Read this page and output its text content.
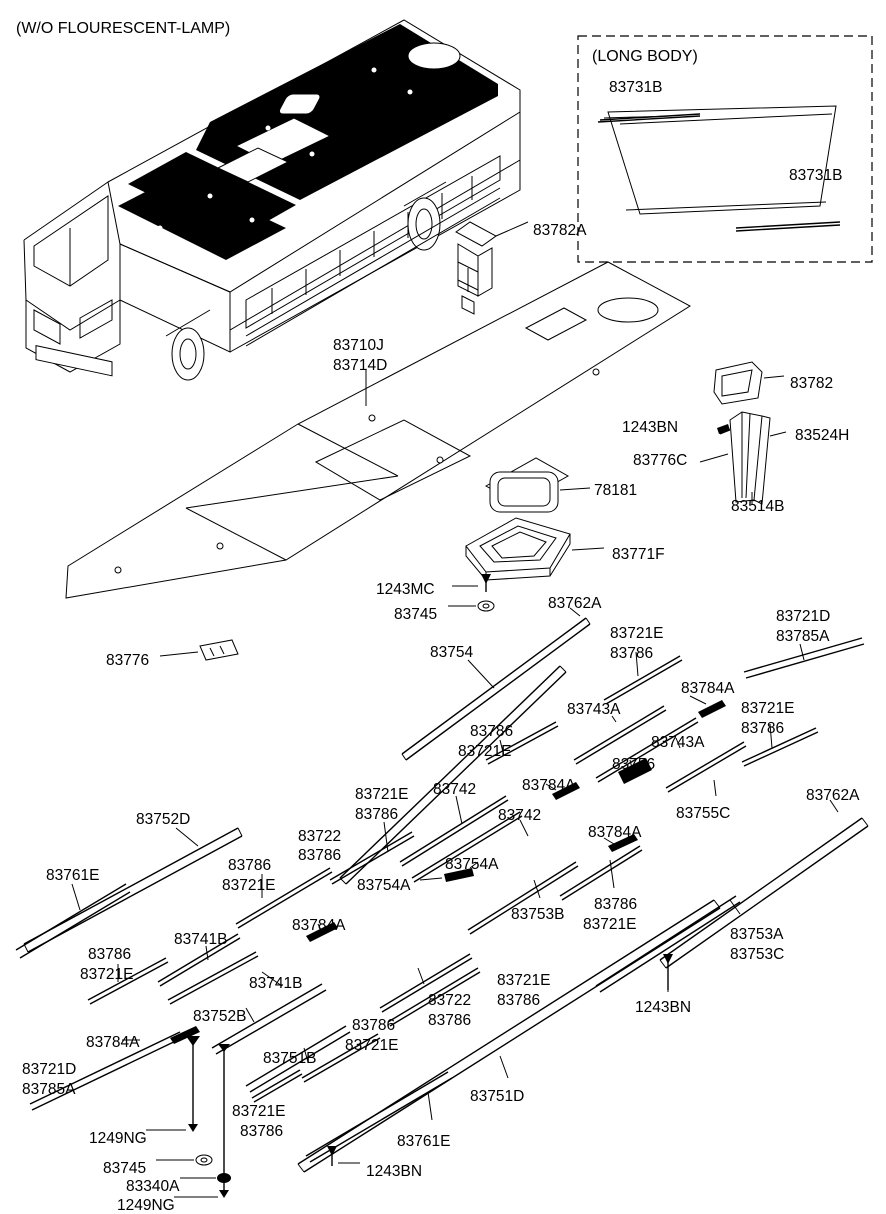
(W/O FLOURESCENT-LAMP)
(LONG BODY)
83782A
83731B
83731B
83710J
83714D
83782
1243BN	83524H
83776C
83514B
78181
83771F
1243MC
83745
83776
83762A
83721D
83785A
83721E
83786
83754
83784A
83743A	83721E
83786
83743A
83786
83721E
83756
83755C
83762A
83721E
83786
83742	83784A
83742
83784A
83752D
83722
83786
83754A
83786
83721E	83754A
83761E
83753B
83786
83721E
83784A
83741B
83786
83721E
83753A
83753C
83741B	83721E
83786
83722
83786
83752B
1243BN
83786
83721E
83751B
83784A
83721D
83785A	83751D
83721E
83786
1249NG	83761E
83745	1243BN
83340A
1249NG
